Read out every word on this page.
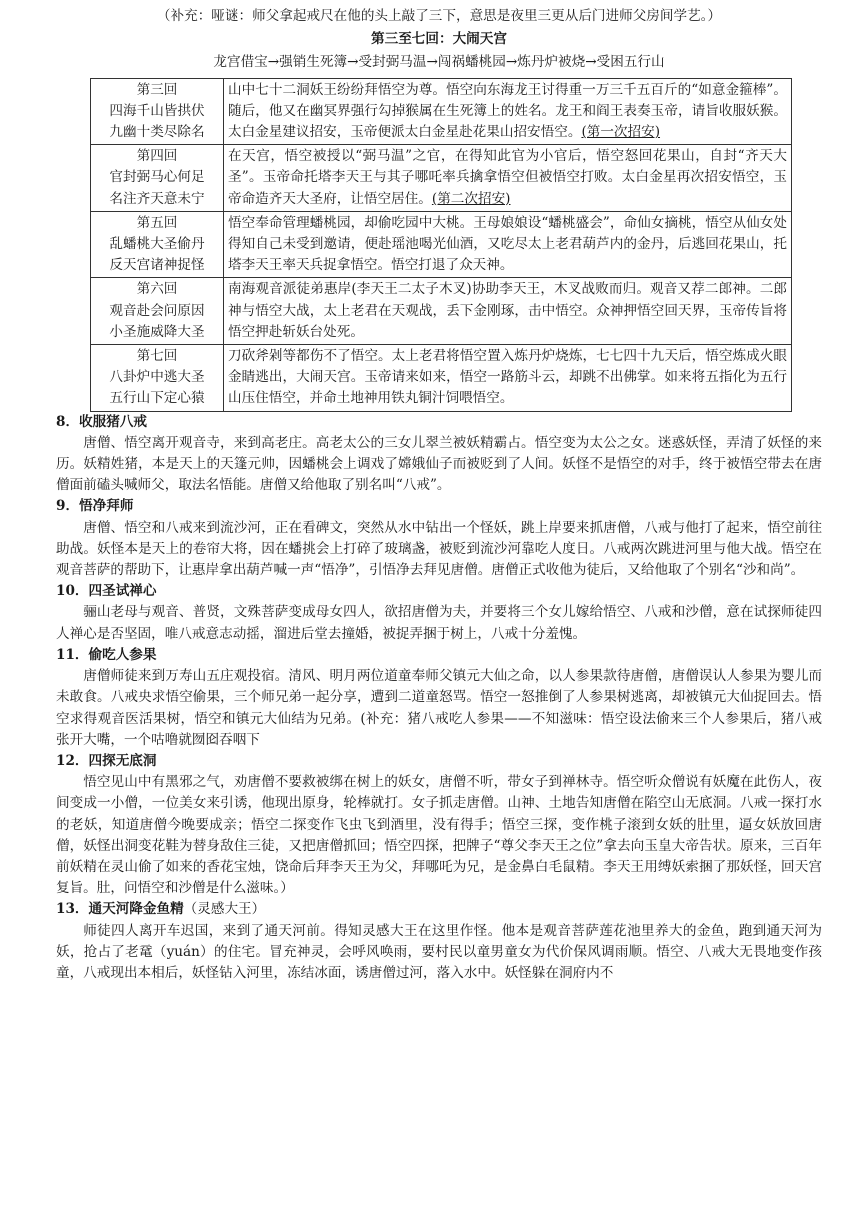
（补充：哑谜：师父拿起戒尺在他的头上敲了三下，意思是夜里三更从后门进师父房间学艺。）

第三至七回：大闹天宫

龙宫借宝→强销生死簿→受封弼马温→闯祸蟠桃园→炼丹炉被烧→受困五行山

第三回
四海千山皆拱伏
九幽十类尽除名	山中七十二洞妖王纷纷拜悟空为尊。悟空向东海龙王讨得重一万三千五百斤的“如意金箍棒”。随后，他又在幽冥界强行勾掉猴属在生死簿上的姓名。龙王和阎王表奏玉帝，请旨收服妖猴。太白金星建议招安，玉帝便派太白金星赴花果山招安悟空。(第一次招安)

第四回
官封弼马心何足
名注齐天意未宁	在天宫，悟空被授以“弼马温”之官，在得知此官为小官后，悟空怒回花果山，自封“齐天大圣”。玉帝命托塔李天王与其子哪吒率兵擒拿悟空但被悟空打败。太白金星再次招安悟空，玉帝命造齐天大圣府，让悟空居住。(第二次招安)

第五回
乱蟠桃大圣偷丹
反天宫诸神捉怪	悟空奉命管理蟠桃园，却偷吃园中大桃。王母娘娘设“蟠桃盛会”，命仙女摘桃，悟空从仙女处得知自己未受到邀请，便赴瑶池喝光仙酒，又吃尽太上老君葫芦内的金丹，后逃回花果山，托塔李天王率天兵捉拿悟空。悟空打退了众天神。

第六回
观音赴会问原因
小圣施威降大圣	南海观音派徒弟惠岸(李天王二太子木叉)协助李天王，木叉战败而归。观音又荐二郎神。二郎神与悟空大战，太上老君在天观战，丢下金刚琢，击中悟空。众神押悟空回天界，玉帝传旨将悟空押赴斩妖台处死。

第七回
八卦炉中逃大圣
五行山下定心猿	刀砍斧剁等都伤不了悟空。太上老君将悟空置入炼丹炉烧炼，七七四十九天后，悟空炼成火眼金睛逃出，大闹天宫。玉帝请来如来，悟空一路筋斗云，却跳不出佛掌。如来将五指化为五行山压住悟空，并命土地神用铁丸铜汁饲喂悟空。

8．收服猪八戒

唐僧、悟空离开观音寺，来到高老庄。高老太公的三女儿翠兰被妖精霸占。悟空变为太公之女。迷惑妖怪，弄清了妖怪的来历。妖精姓猪，本是天上的天篷元帅，因蟠桃会上调戏了嫦娥仙子而被贬到了人间。妖怪不是悟空的对手，终于被悟空带去在唐僧面前磕头喊师父，取法名悟能。唐僧又给他取了别名叫“八戒”。

9．悟净拜师

唐僧、悟空和八戒来到流沙河，正在看碑文，突然从水中钻出一个怪妖，跳上岸要来抓唐僧，八戒与他打了起来，悟空前往助战。妖怪本是天上的卷帘大将，因在蟠挑会上打碎了玻璃盏，被贬到流沙河靠吃人度日。八戒两次跳进河里与他大战。悟空在观音菩萨的帮助下，让惠岸拿出葫芦喊一声“悟净”，引悟净去拜见唐僧。唐僧正式收他为徒后，又给他取了个别名“沙和尚”。

10．四圣试禅心

骊山老母与观音、普贤，文殊菩萨变成母女四人，欲招唐僧为夫，并要将三个女儿嫁给悟空、八戒和沙僧，意在试探师徒四人禅心是否坚固，唯八戒意志动摇，溜进后堂去撞婚，被捉弄捆于树上，八戒十分羞愧。

11．偷吃人参果

唐僧师徒来到万寿山五庄观投宿。清风、明月两位道童奉师父镇元大仙之命，以人参果款待唐僧，唐僧误认人参果为婴儿而未敢食。八戒央求悟空偷果，三个师兄弟一起分享，遭到二道童怒骂。悟空一怒推倒了人参果树逃离，却被镇元大仙捉回去。悟空求得观音医活果树，悟空和镇元大仙结为兄弟。(补充：猪八戒吃人参果——不知滋味：悟空设法偷来三个人参果后，猪八戒张开大嘴，一个咕噜就囫囵吞咽下

12．四探无底洞

悟空见山中有黑邪之气，劝唐僧不要救被绑在树上的妖女，唐僧不听，带女子到禅林寺。悟空听众僧说有妖魔在此伤人，夜间变成一小僧，一位美女来引诱，他现出原身，轮棒就打。女子抓走唐僧。山神、土地告知唐僧在陷空山无底洞。八戒一探打水的老妖，知道唐僧今晚要成亲；悟空二探变作飞虫飞到酒里，没有得手；悟空三探，变作桃子滚到女妖的肚里，逼女妖放回唐僧，妖怪出洞变花鞋为替身敌住三徒，又把唐僧抓回；悟空四探，把牌子“尊父李天王之位”拿去向玉皇大帝告状。原来，三百年前妖精在灵山偷了如来的香花宝烛，饶命后拜李天王为父，拜哪吒为兄，是金鼻白毛鼠精。李天王用缚妖索捆了那妖怪，回天宫复旨。肚，问悟空和沙僧是什么滋味。）

13．通天河降金鱼精（灵感大王）

师徒四人离开车迟国，来到了通天河前。得知灵感大王在这里作怪。他本是观音菩萨莲花池里养大的金鱼，跑到通天河为妖，抢占了老鼋（yuán）的住宅。冒充神灵，会呼风唤雨，要村民以童男童女为代价保风调雨顺。悟空、八戒大无畏地变作孩童，八戒现出本相后，妖怪钻入河里，冻结冰面，诱唐僧过河，落入水中。妖怪躲在洞府内不
